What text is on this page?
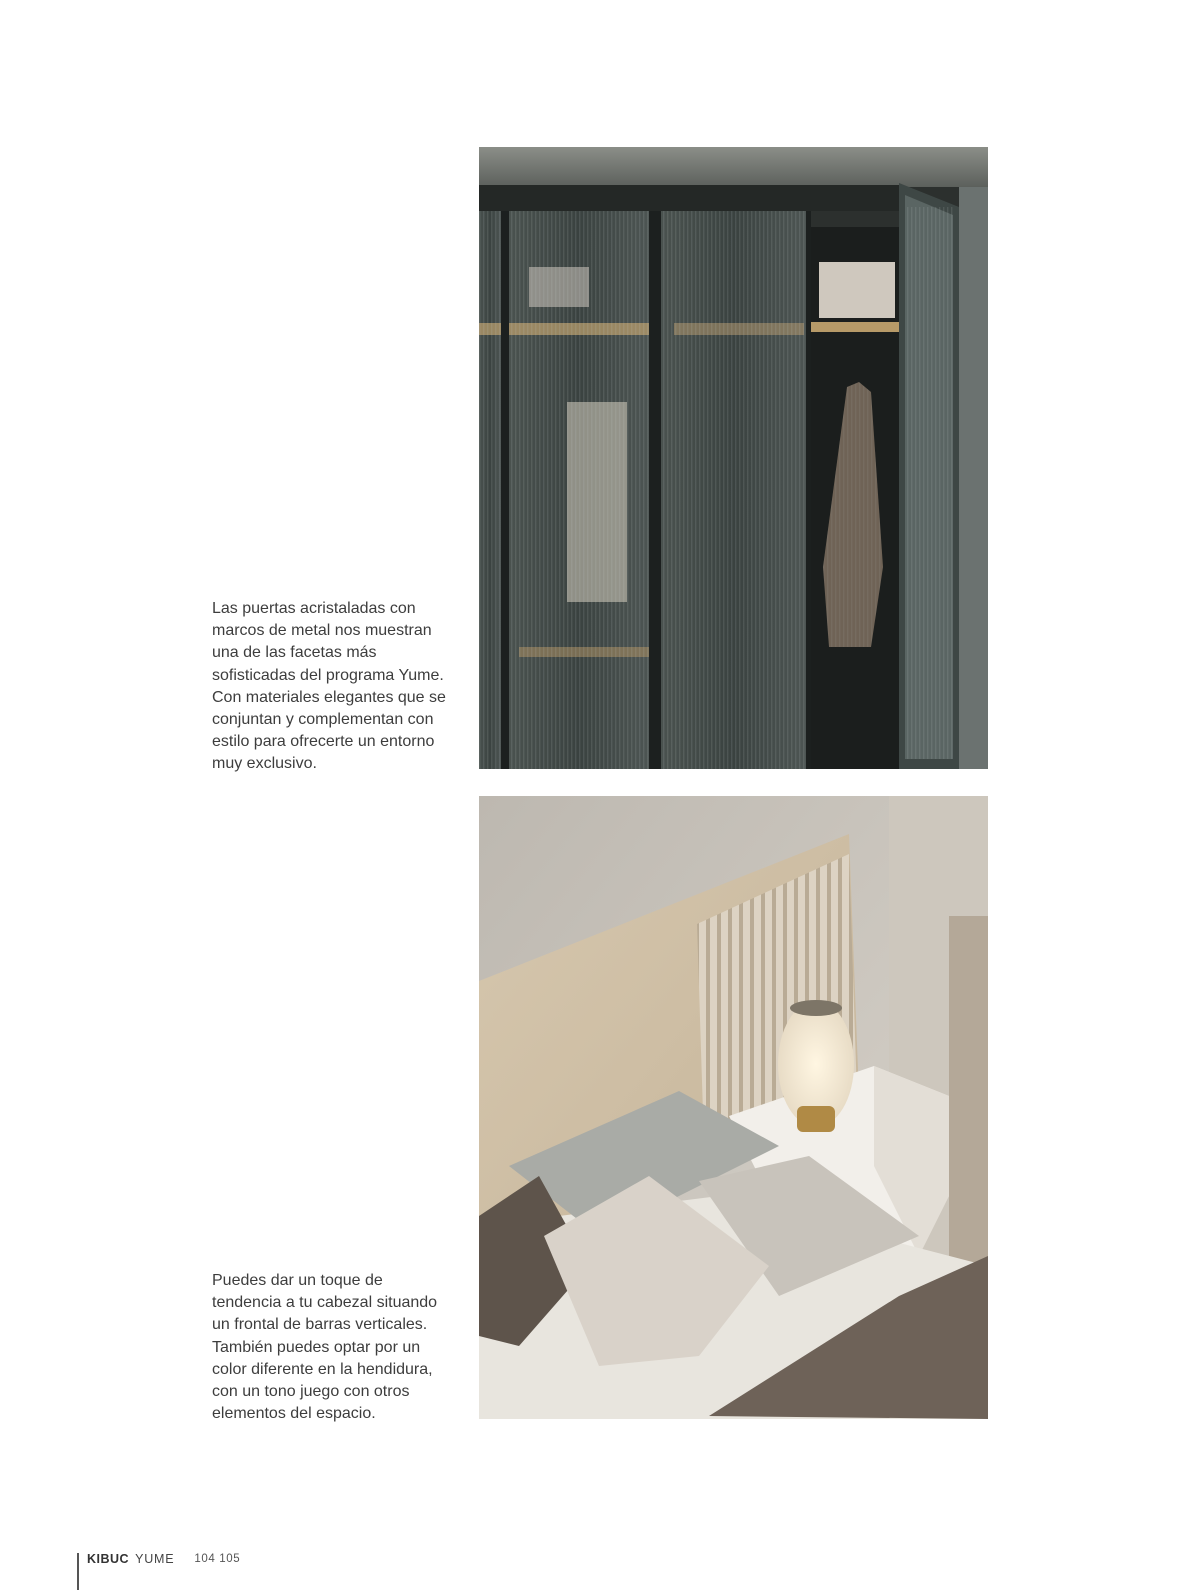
Las puertas acristaladas con
marcos de metal nos muestran
una de las facetas más
sofisticadas del programa Yume.
Con materiales elegantes que se
conjuntan y complementan con
estilo para ofrecerte un entorno
muy exclusivo.

Puedes dar un toque de
tendencia a tu cabezal situando
un frontal de barras verticales.
También puedes optar por un
color diferente en la hendidura,
con un tono juego con otros
elementos del espacio.

KIBUC YUME 104 105
